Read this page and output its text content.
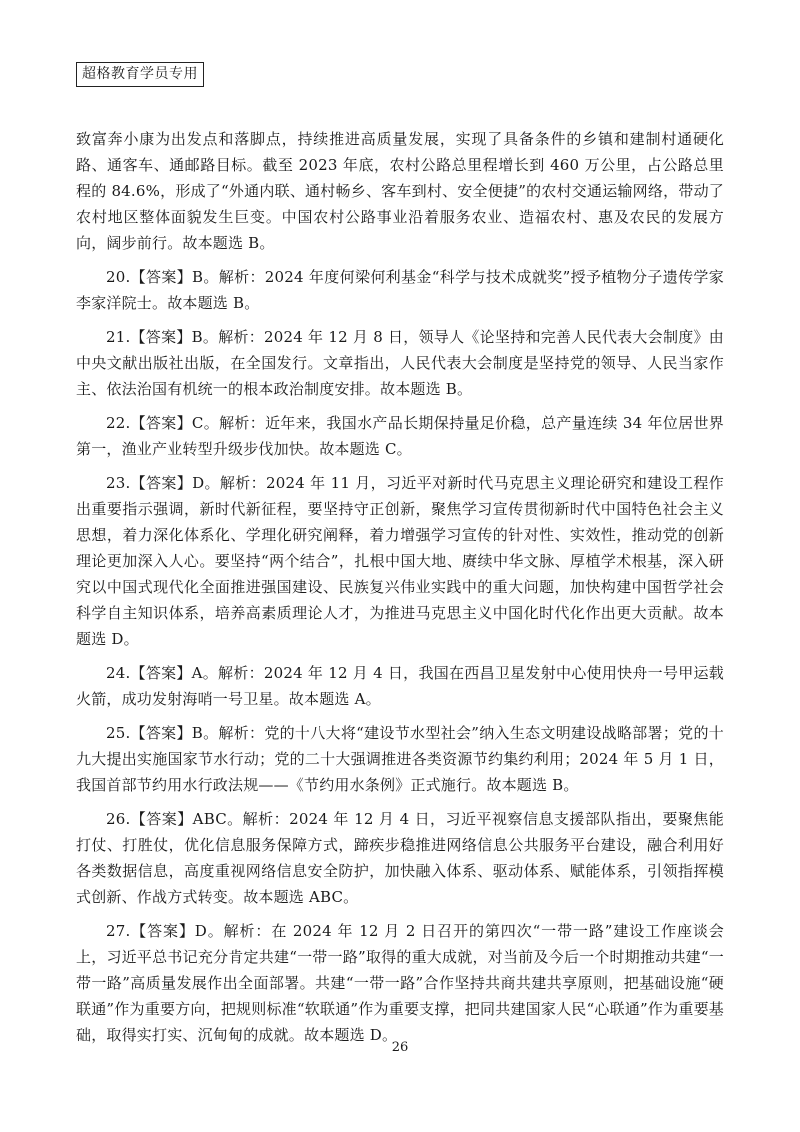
超格教育学员专用

致富奔小康为出发点和落脚点，持续推进高质量发展，实现了具备条件的乡镇和建制村通硬化路、通客车、通邮路目标。截至 2023 年底，农村公路总里程增长到 460 万公里，占公路总里程的 84.6%，形成了“外通内联、通村畅乡、客车到村、安全便捷”的农村交通运输网络，带动了农村地区整体面貌发生巨变。中国农村公路事业沿着服务农业、造福农村、惠及农民的发展方向，阔步前行。故本题选 B。

20.【答案】B。解析：2024 年度何梁何利基金“科学与技术成就奖”授予植物分子遗传学家李家洋院士。故本题选 B。

21.【答案】B。解析：2024 年 12 月 8 日，领导人《论坚持和完善人民代表大会制度》由中央文献出版社出版，在全国发行。文章指出，人民代表大会制度是坚持党的领导、人民当家作主、依法治国有机统一的根本政治制度安排。故本题选 B。

22.【答案】C。解析：近年来，我国水产品长期保持量足价稳，总产量连续 34 年位居世界第一，渔业产业转型升级步伐加快。故本题选 C。

23.【答案】D。解析：2024 年 11 月，习近平对新时代马克思主义理论研究和建设工程作出重要指示强调，新时代新征程，要坚持守正创新，聚焦学习宣传贯彻新时代中国特色社会主义思想，着力深化体系化、学理化研究阐释，着力增强学习宣传的针对性、实效性，推动党的创新理论更加深入人心。要坚持“两个结合”，扎根中国大地、赓续中华文脉、厚植学术根基，深入研究以中国式现代化全面推进强国建设、民族复兴伟业实践中的重大问题，加快构建中国哲学社会科学自主知识体系，培养高素质理论人才，为推进马克思主义中国化时代化作出更大贡献。故本题选 D。

24.【答案】A。解析：2024 年 12 月 4 日，我国在西昌卫星发射中心使用快舟一号甲运载火箭，成功发射海哨一号卫星。故本题选 A。

25.【答案】B。解析：党的十八大将“建设节水型社会”纳入生态文明建设战略部署；党的十九大提出实施国家节水行动；党的二十大强调推进各类资源节约集约利用；2024 年 5 月 1 日，我国首部节约用水行政法规——《节约用水条例》正式施行。故本题选 B。

26.【答案】ABC。解析：2024 年 12 月 4 日，习近平视察信息支援部队指出，要聚焦能打仗、打胜仗，优化信息服务保障方式，蹄疾步稳推进网络信息公共服务平台建设，融合利用好各类数据信息，高度重视网络信息安全防护，加快融入体系、驱动体系、赋能体系，引领指挥模式创新、作战方式转变。故本题选 ABC。

27.【答案】D。解析：在 2024 年 12 月 2 日召开的第四次“一带一路”建设工作座谈会上，习近平总书记充分肯定共建“一带一路”取得的重大成就，对当前及今后一个时期推动共建“一带一路”高质量发展作出全面部署。共建“一带一路”合作坚持共商共建共享原则，把基础设施“硬联通”作为重要方向，把规则标准“软联通”作为重要支撑，把同共建国家人民“心联通”作为重要基础，取得实打实、沉甸甸的成就。故本题选 D。

26
